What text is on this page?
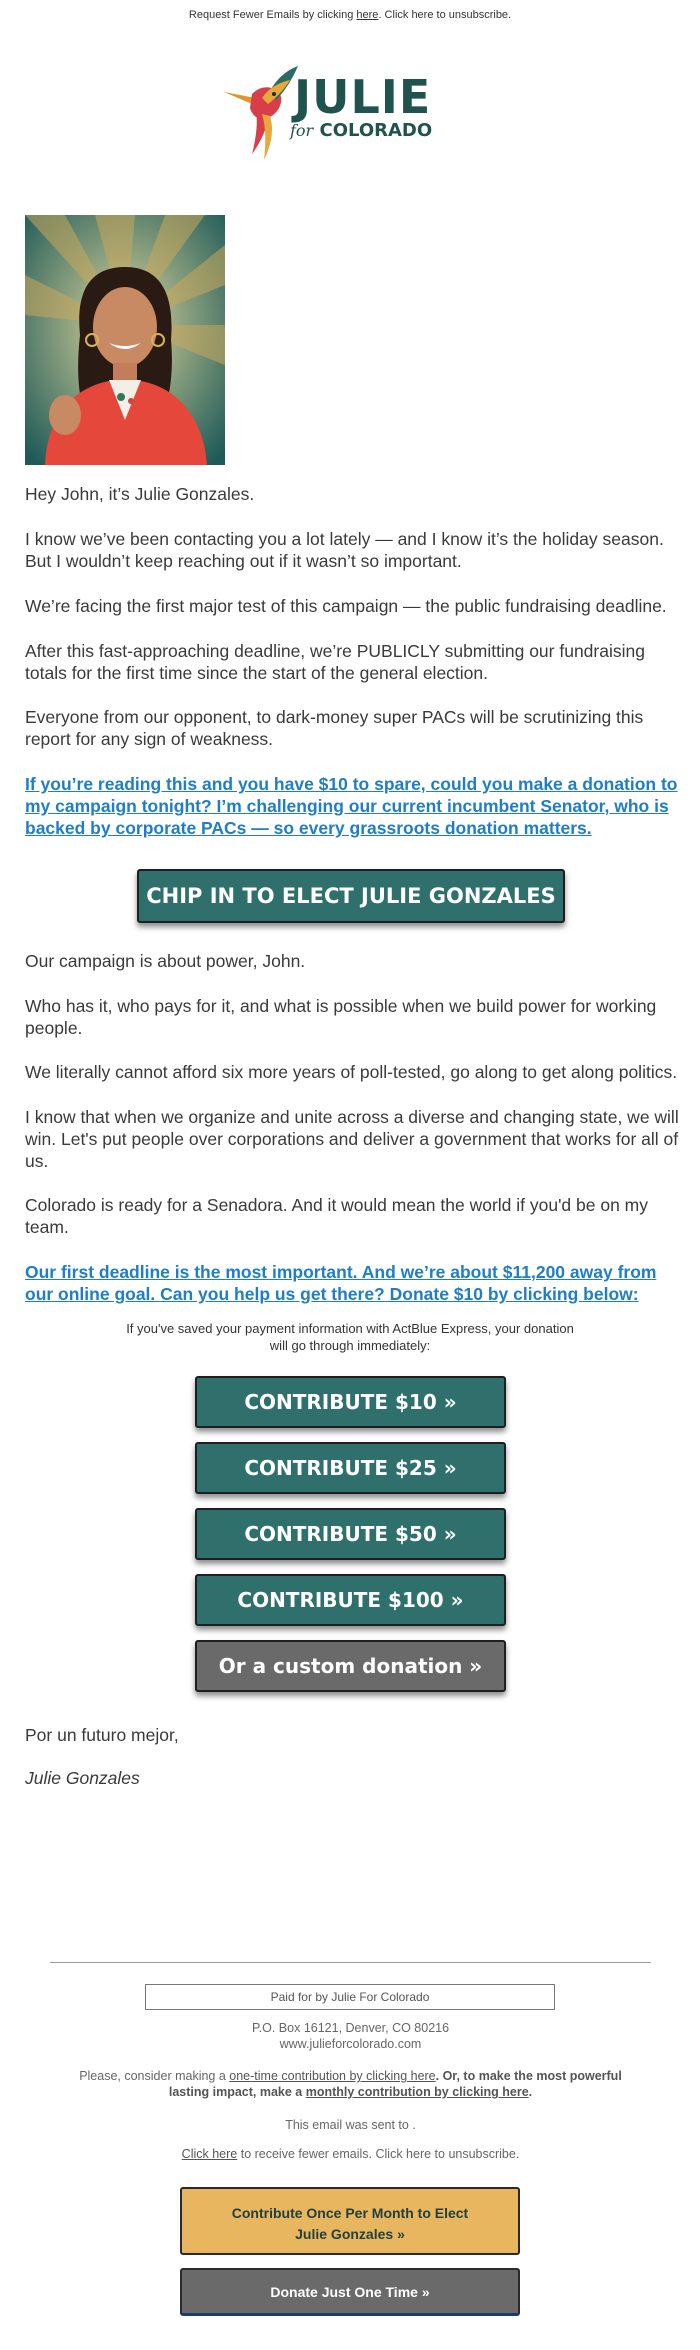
Request Fewer Emails by clicking here. Click here to unsubscribe.
JULIE
for COLORADO

Hey John, it’s Julie Gonzales.

I know we’ve been contacting you a lot lately — and I know it’s the holiday season. But I wouldn’t keep reaching out if it wasn’t so important.

We’re facing the first major test of this campaign — the public fundraising deadline.

After this fast-approaching deadline, we’re PUBLICLY submitting our fundraising totals for the first time since the start of the general election.

Everyone from our opponent, to dark-money super PACs will be scrutinizing this report for any sign of weakness.

If you’re reading this and you have $10 to spare, could you make a donation to my campaign tonight? I’m challenging our current incumbent Senator, who is backed by corporate PACs — so every grassroots donation matters.

CHIP IN TO ELECT JULIE GONZALES »

Our campaign is about power, John.

Who has it, who pays for it, and what is possible when we build power for working people.

We literally cannot afford six more years of poll-tested, go along to get along politics.

I know that when we organize and unite across a diverse and changing state, we will win. Let's put people over corporations and deliver a government that works for all of us.

Colorado is ready for a Senadora. And it would mean the world if you'd be on my team.

Our first deadline is the most important. And we’re about $11,200 away from our online goal. Can you help us get there? Donate $10 by clicking below:

If you've saved your payment information with ActBlue Express, your donation
will go through immediately:
CONTRIBUTE $10 »
CONTRIBUTE $25 »
CONTRIBUTE $50 »
CONTRIBUTE $100 »
Or a custom donation »

Por un futuro mejor,

Julie Gonzales

Paid for by Julie For Colorado
P.O. Box 16121, Denver, CO 80216
www.julieforcolorado.com
Please, consider making a one-time contribution by clicking here. Or, to make the most powerful lasting impact, make a monthly contribution by clicking here.
This email was sent to .
Click here to receive fewer emails. Click here to unsubscribe.
Contribute Once Per Month to Elect
Julie Gonzales »
Donate Just One Time »
